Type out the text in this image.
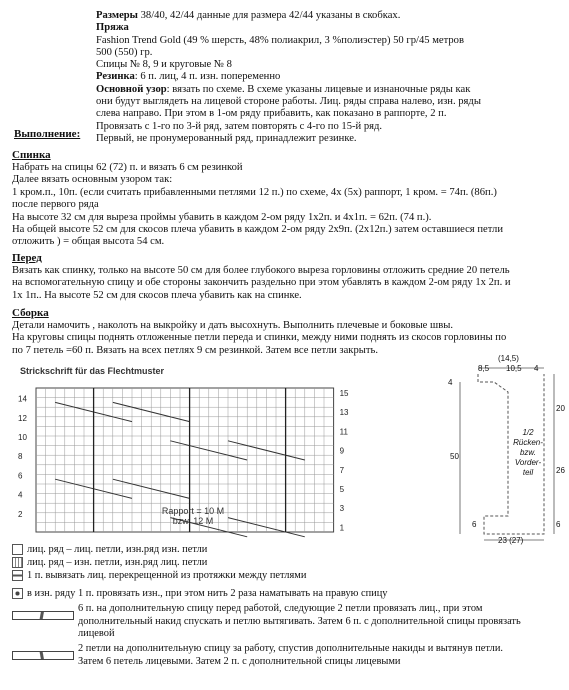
Размеры 38/40, 42/44 данные для размера 42/44 указаны в скобках.
Пряжа
Fashion Trend Gold (49 % шерсть, 48% полиакрил, 3 %полиэстер) 50 гр/45 метров
500 (550) гр.
Спицы № 8, 9 и круговые № 8
Резинка: 6 п. лиц, 4 п. изн. попеременно
Основной узор: вязать по схеме. В схеме указаны лицевые и изнаночные ряды как
они будут выглядеть на лицевой стороне работы. Лиц. ряды справа налево, изн. ряды
слева направо. При этом в 1-ом ряду прибавить, как показано в раппорте, 2 п.
Провязать с 1-го по 3-й ряд, затем повторять с 4-го по 15-й ряд.
Первый, не пронумерованный ряд, принадлежит резинке.
Выполнение:
Спинка
Набрать на спицы 62 (72) п. и вязать 6 см резинкой
Далее вязать основным узором так:
1 кром.п., 10п. (если считать прибавленными петлями 12 п.) по схеме, 4х (5х) раппорт, 1 кром. = 74п. (86п.)
после первого ряда
На высоте 32 см для выреза проймы убавить в каждом 2-ом ряду 1х2п. и 4х1п. = 62п. (74 п.).
На общей высоте 52 см для скосов плеча убавить в каждом 2-ом ряду 2х9п. (2х12п.) затем оставшиеся петли
отложить ) = общая высота 54 см.
Перед
Вязать как спинку, только на высоте 50 см для более глубокого выреза горловины отложить средние 20 петель
на вспомогательную спицу и обе стороны закончить раздельно при этом убавлять в каждом 2-ом ряду 1х 2п. и
1х 1п.. На высоте 52 см для скосов плеча убавить как на спинке.
Сборка
Детали намочить , наколоть на выкройку и дать высохнуть. Выполнить плечевые и боковые швы.
На круговы спицы поднять отложенные петли переда и спинки, между ними поднять из скосов горловины по
по 7 петель =60 п. Вязать на всех петлях 9 см резинкой. Затем все петли закрыть.
Strickschrift für das Flechtmuster
14
12
10
8
6
4
2
15
13
11
9
7
5
3
1
Rapport = 10 M
bzw. 12 M
(14,5)
8,5 10,5 4
4
20
50
26
6
6
23 (27)
1/2
Rücken-
bzw.
Vorder-
teil
лиц. ряд – лиц. петли, изн.ряд изн. петли
лиц. ряд – изн. петли, изн.ряд лиц. петли
1 п. вывязать лиц. перекрещенной из протяжки между петлями
в изн. ряду 1 п. провязать изн., при этом нить 2 раза наматывать на правую спицу
6 п. на дополнительную спицу перед работой, следующие 2 петли провязать лиц., при этом
дополнительный накид спускать и петлю вытягивать. Затем 6 п. с дополнительной спицы провязать
лицевой
2 петли на дополнительную спицу за работу, спустив дополнительные накиды и вытянув петли.
Затем 6 петель лицевыми. Затем 2 п. с дополнительной спицы лицевыми
